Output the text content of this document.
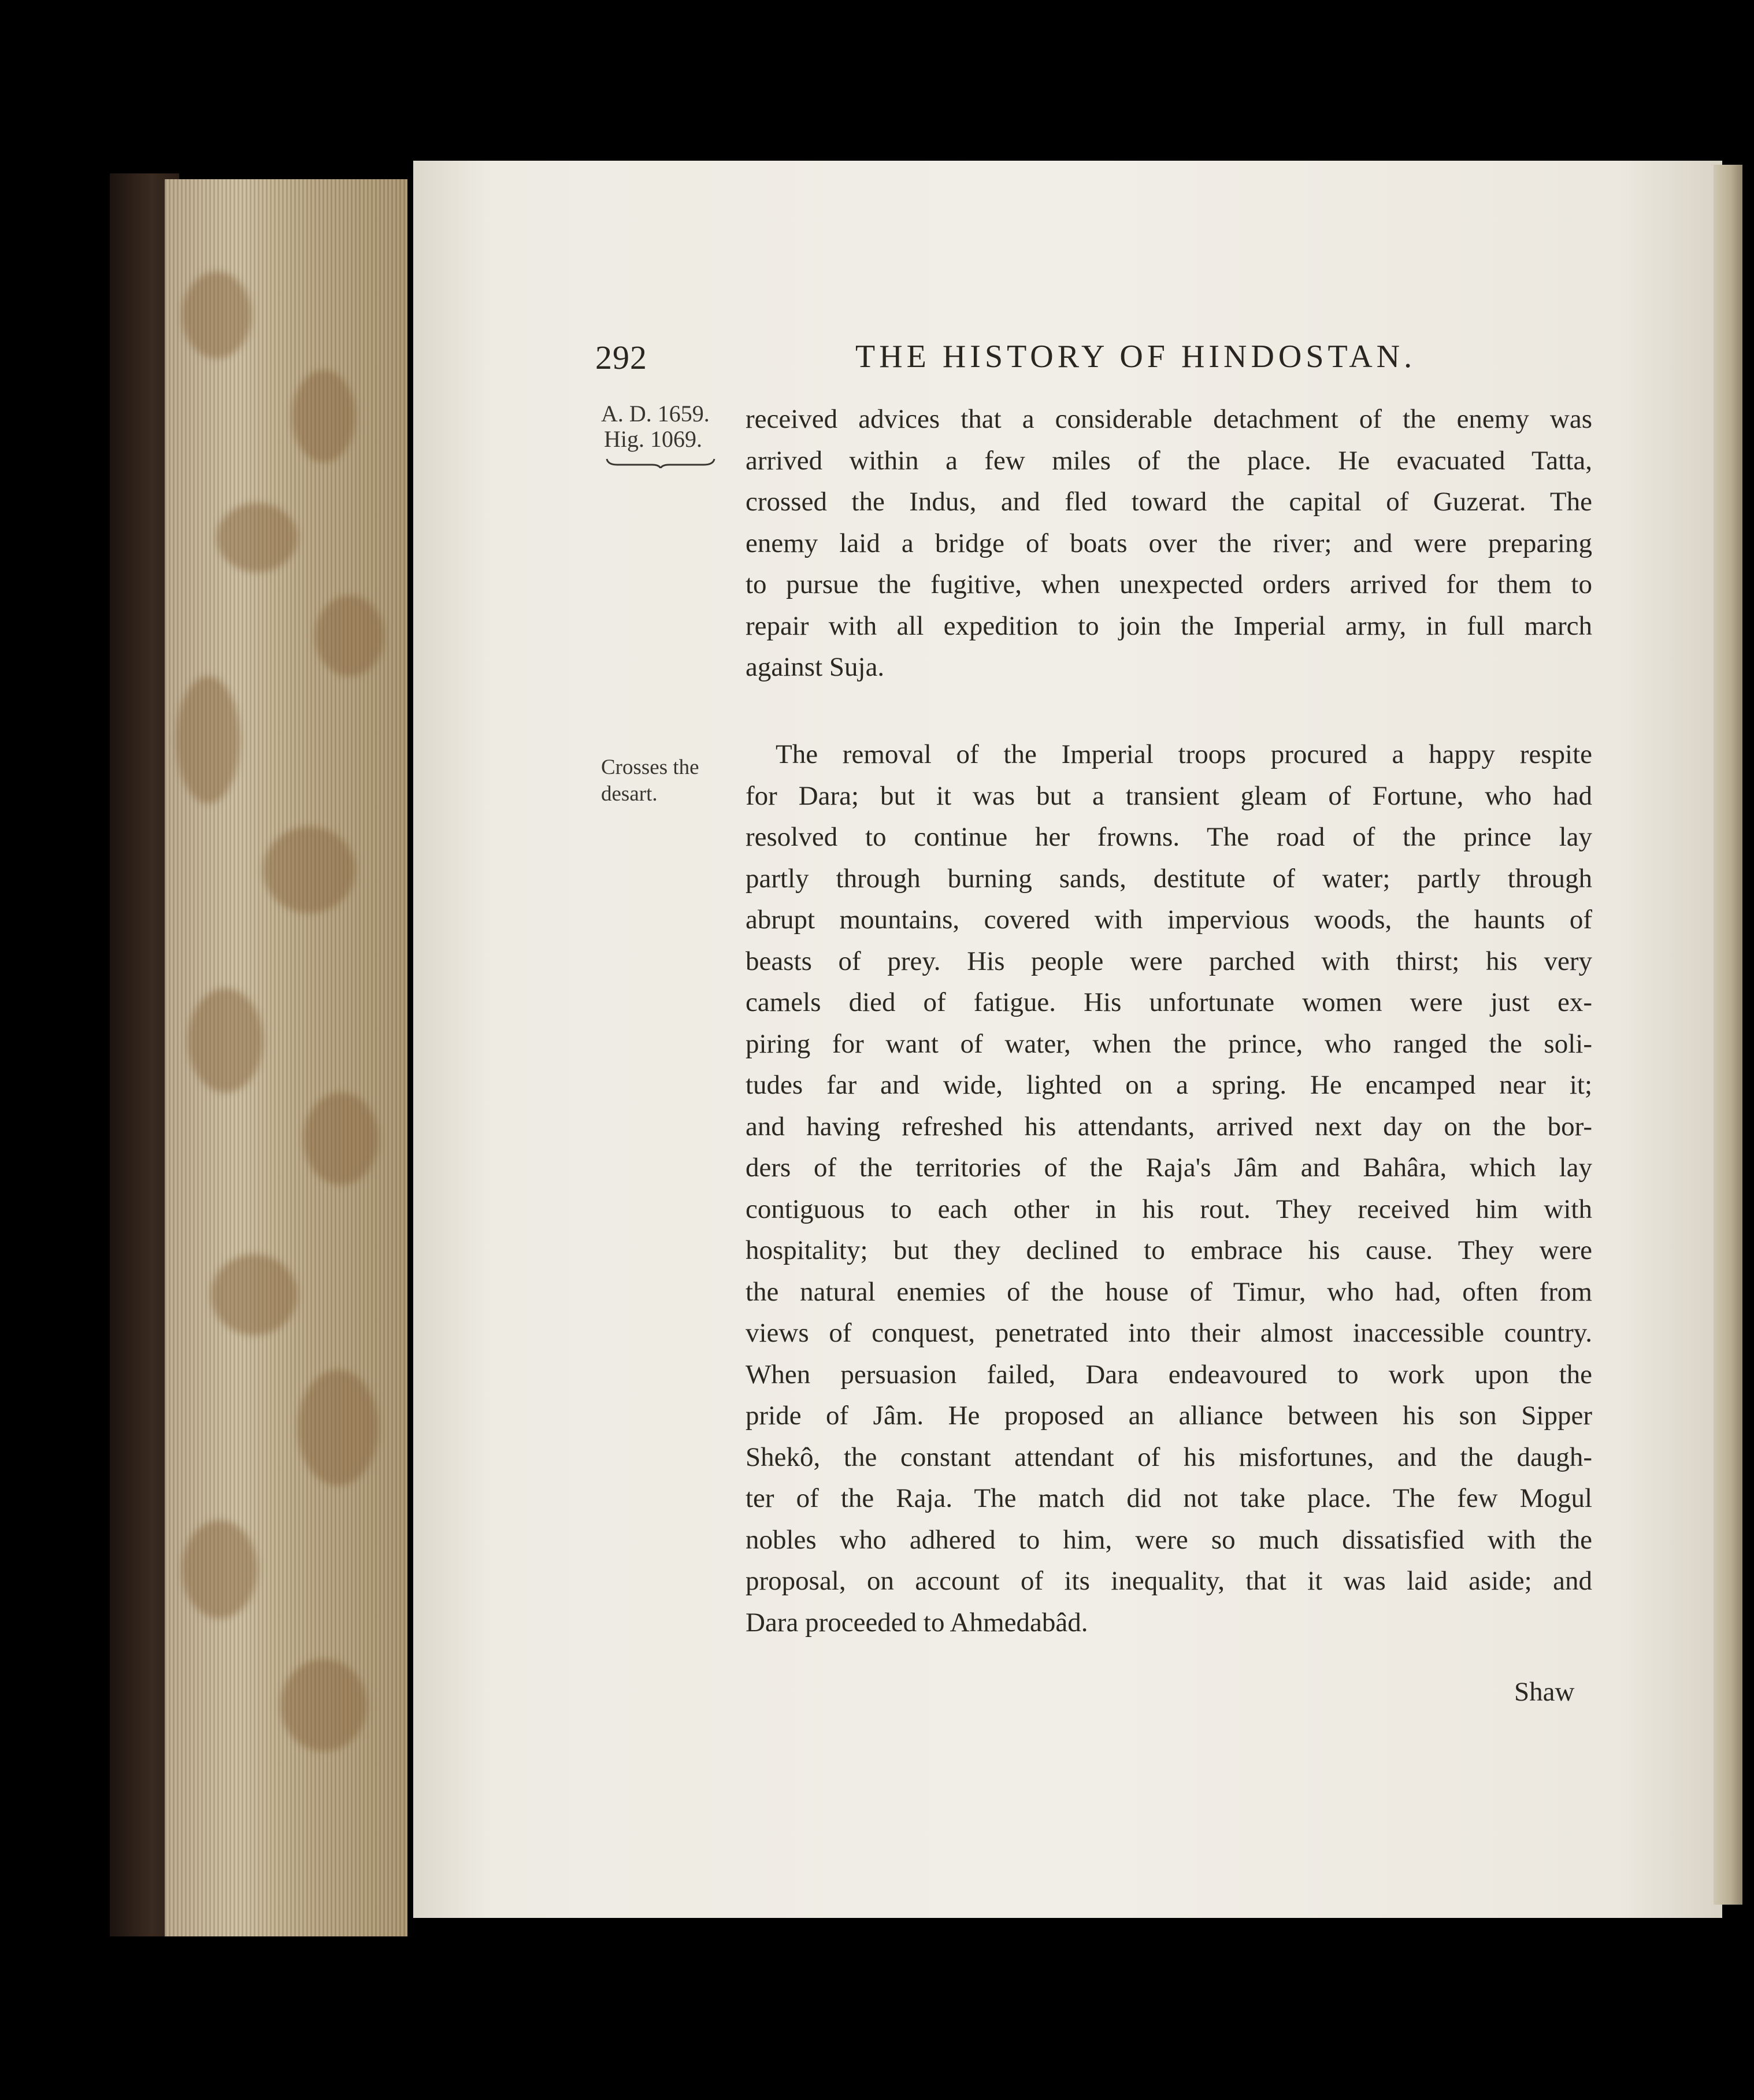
292	THE HISTORY OF HINDOSTAN.
A. D. 1659.
Hig. 1069.
Crosses the
desart.
received advices that a considerable detachment of the enemy was
arrived within a few miles of the place. He evacuated Tatta,
crossed the Indus, and fled toward the capital of Guzerat. The
enemy laid a bridge of boats over the river; and were preparing
to pursue the fugitive, when unexpected orders arrived for them to
repair with all expedition to join the Imperial army, in full march
against Suja.
The removal of the Imperial troops procured a happy respite
for Dara; but it was but a transient gleam of Fortune, who had
resolved to continue her frowns. The road of the prince lay
partly through burning sands, destitute of water; partly through
abrupt mountains, covered with impervious woods, the haunts of
beasts of prey. His people were parched with thirst; his very
camels died of fatigue. His unfortunate women were just ex-
piring for want of water, when the prince, who ranged the soli-
tudes far and wide, lighted on a spring. He encamped near it;
and having refreshed his attendants, arrived next day on the bor-
ders of the territories of the Raja's Jâm and Bahâra, which lay
contiguous to each other in his rout. They received him with
hospitality; but they declined to embrace his cause. They were
the natural enemies of the house of Timur, who had, often from
views of conquest, penetrated into their almost inaccessible country.
When persuasion failed, Dara endeavoured to work upon the
pride of Jâm. He proposed an alliance between his son Sipper
Shekô, the constant attendant of his misfortunes, and the daugh-
ter of the Raja. The match did not take place. The few Mogul
nobles who adhered to him, were so much dissatisfied with the
proposal, on account of its inequality, that it was laid aside; and
Dara proceeded to Ahmedabâd.
Shaw
